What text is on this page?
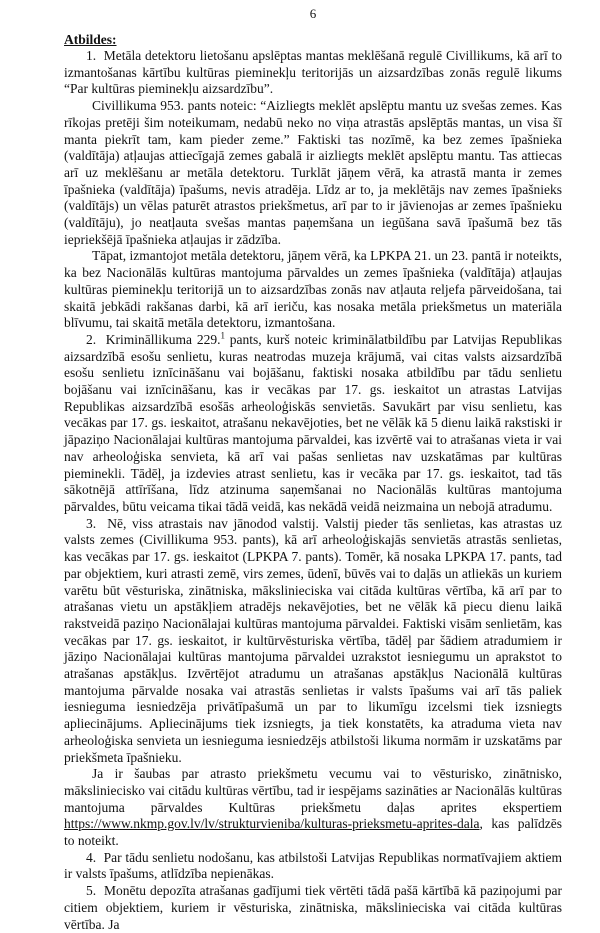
6
Atbildes:

1.  Metāla detektoru lietošanu apslēptas mantas meklēšanā regulē Civillikums, kā arī to izmantošanas kārtību kultūras pieminekļu teritorijās un aizsardzības zonās regulē likums “Par kultūras pieminekļu aizsardzību”.

Civillikuma 953. pants noteic: “Aizliegts meklēt apslēptu mantu uz svešas zemes. Kas rīkojas pretēji šim noteikumam, nedabū neko no viņa atrastās apslēptās mantas, un visa šī manta piekrīt tam, kam pieder zeme.” Faktiski tas nozīmē, ka bez zemes īpašnieka (valdītāja) atļaujas attiecīgajā zemes gabalā ir aizliegts meklēt apslēptu mantu. Tas attiecas arī uz meklēšanu ar metāla detektoru. Turklāt jāņem vērā, ka atrastā manta ir zemes īpašnieka (valdītāja) īpašums, nevis atradēja. Līdz ar to, ja meklētājs nav zemes īpašnieks (valdītājs) un vēlas paturēt atrastos priekšmetus, arī par to ir jāvienojas ar zemes īpašnieku (valdītāju), jo neatļauta svešas mantas paņemšana un iegūšana savā īpašumā bez tās iepriekšējā īpašnieka atļaujas ir zādzība.

Tāpat, izmantojot metāla detektoru, jāņem vērā, ka LPKPA 21. un 23. pantā ir noteikts, ka bez Nacionālās kultūras mantojuma pārvaldes un zemes īpašnieka (valdītāja) atļaujas kultūras pieminekļu teritorijā un to aizsardzības zonās nav atļauta reljefa pārveidošana, tai skaitā jebkādi rakšanas darbi, kā arī ieriču, kas nosaka metāla priekšmetus un materiāla blīvumu, tai skaitā metāla detektoru, izmantošana.

2.  Krimināllikuma 229.$^1$ pants, kurš noteic kriminālatbildību par Latvijas Republikas aizsardzībā esošu senlietu, kuras neatrodas muzeja krājumā, vai citas valsts aizsardzībā esošu senlietu iznīcināšanu vai bojāšanu, faktiski nosaka atbildību par tādu senlietu bojāšanu vai iznīcināšanu, kas ir vecākas par 17. gs. ieskaitot un atrastas Latvijas Republikas aizsardzībā esošās arheoloģiskās senvietās. Savukārt par visu senlietu, kas vecākas par 17. gs. ieskaitot, atrašanu nekavējoties, bet ne vēlāk kā 5 dienu laikā rakstiski ir jāpaziņo Nacionālajai kultūras mantojuma pārvaldei, kas izvērtē vai to atrašanas vieta ir vai nav arheoloģiska senvieta, kā arī vai pašas senlietas nav uzskatāmas par kultūras pieminekli. Tādēļ, ja izdevies atrast senlietu, kas ir vecāka par 17. gs. ieskaitot, tad tās sākotnējā attīrīšana, līdz atzinuma saņemšanai no Nacionālās kultūras mantojuma pārvaldes, būtu veicama tikai tādā veidā, kas nekādā veidā neizmaina un nebojā atradumu.

3.  Nē, viss atrastais nav jānodod valstij. Valstij pieder tās senlietas, kas atrastas uz valsts zemes (Civillikuma 953. pants), kā arī arheoloģiskajās senvietās atrastās senlietas, kas vecākas par 17. gs. ieskaitot (LPKPA 7. pants). Tomēr, kā nosaka LPKPA 17. pants, tad par objektiem, kuri atrasti zemē, virs zemes, ūdenī, būvēs vai to daļās un atliekās un kuriem varētu būt vēsturiska, zinātniska, mākslinieciska vai citāda kultūras vērtība, kā arī par to atrašanas vietu un apstākļiem atradējs nekavējoties, bet ne vēlāk kā piecu dienu laikā rakstveidā paziņo Nacionālajai kultūras mantojuma pārvaldei. Faktiski visām senlietām, kas vecākas par 17. gs. ieskaitot, ir kultūrvēsturiska vērtība, tādēļ par šādiem atradumiem ir jāziņo Nacionālajai kultūras mantojuma pārvaldei uzrakstot iesniegumu un aprakstot to atrašanas apstākļus. Izvērtējot atradumu un atrašanas apstākļus Nacionālā kultūras mantojuma pārvalde nosaka vai atrastās senlietas ir valsts īpašums vai arī tās paliek iesnieguma iesniedzēja privātīpašumā un par to likumīgu izcelsmi tiek izsniegts apliecinājums. Apliecinājums tiek izsniegts, ja tiek konstatēts, ka atraduma vieta nav arheoloģiska senvieta un iesnieguma iesniedzējs atbilstoši likuma normām ir uzskatāms par priekšmeta īpašnieku.

Ja ir šaubas par atrasto priekšmetu vecumu vai to vēsturisko, zinātnisko, māksliniecisko vai citādu kultūras vērtību, tad ir iespējams sazināties ar Nacionālās kultūras mantojuma pārvaldes Kultūras priekšmetu daļas aprites ekspertiem https://www.nkmp.gov.lv/lv/strukturvieniba/kulturas-prieksmetu-aprites-dala, kas palīdzēs to noteikt.

4.  Par tādu senlietu nodošanu, kas atbilstoši Latvijas Republikas normatīvajiem aktiem ir valsts īpašums, atlīdzība nepienākas.

5.  Monētu depozīta atrašanas gadījumi tiek vērtēti tādā pašā kārtībā kā paziņojumi par citiem objektiem, kuriem ir vēsturiska, zinātniska, mākslinieciska vai citāda kultūras vērtība. Ja
